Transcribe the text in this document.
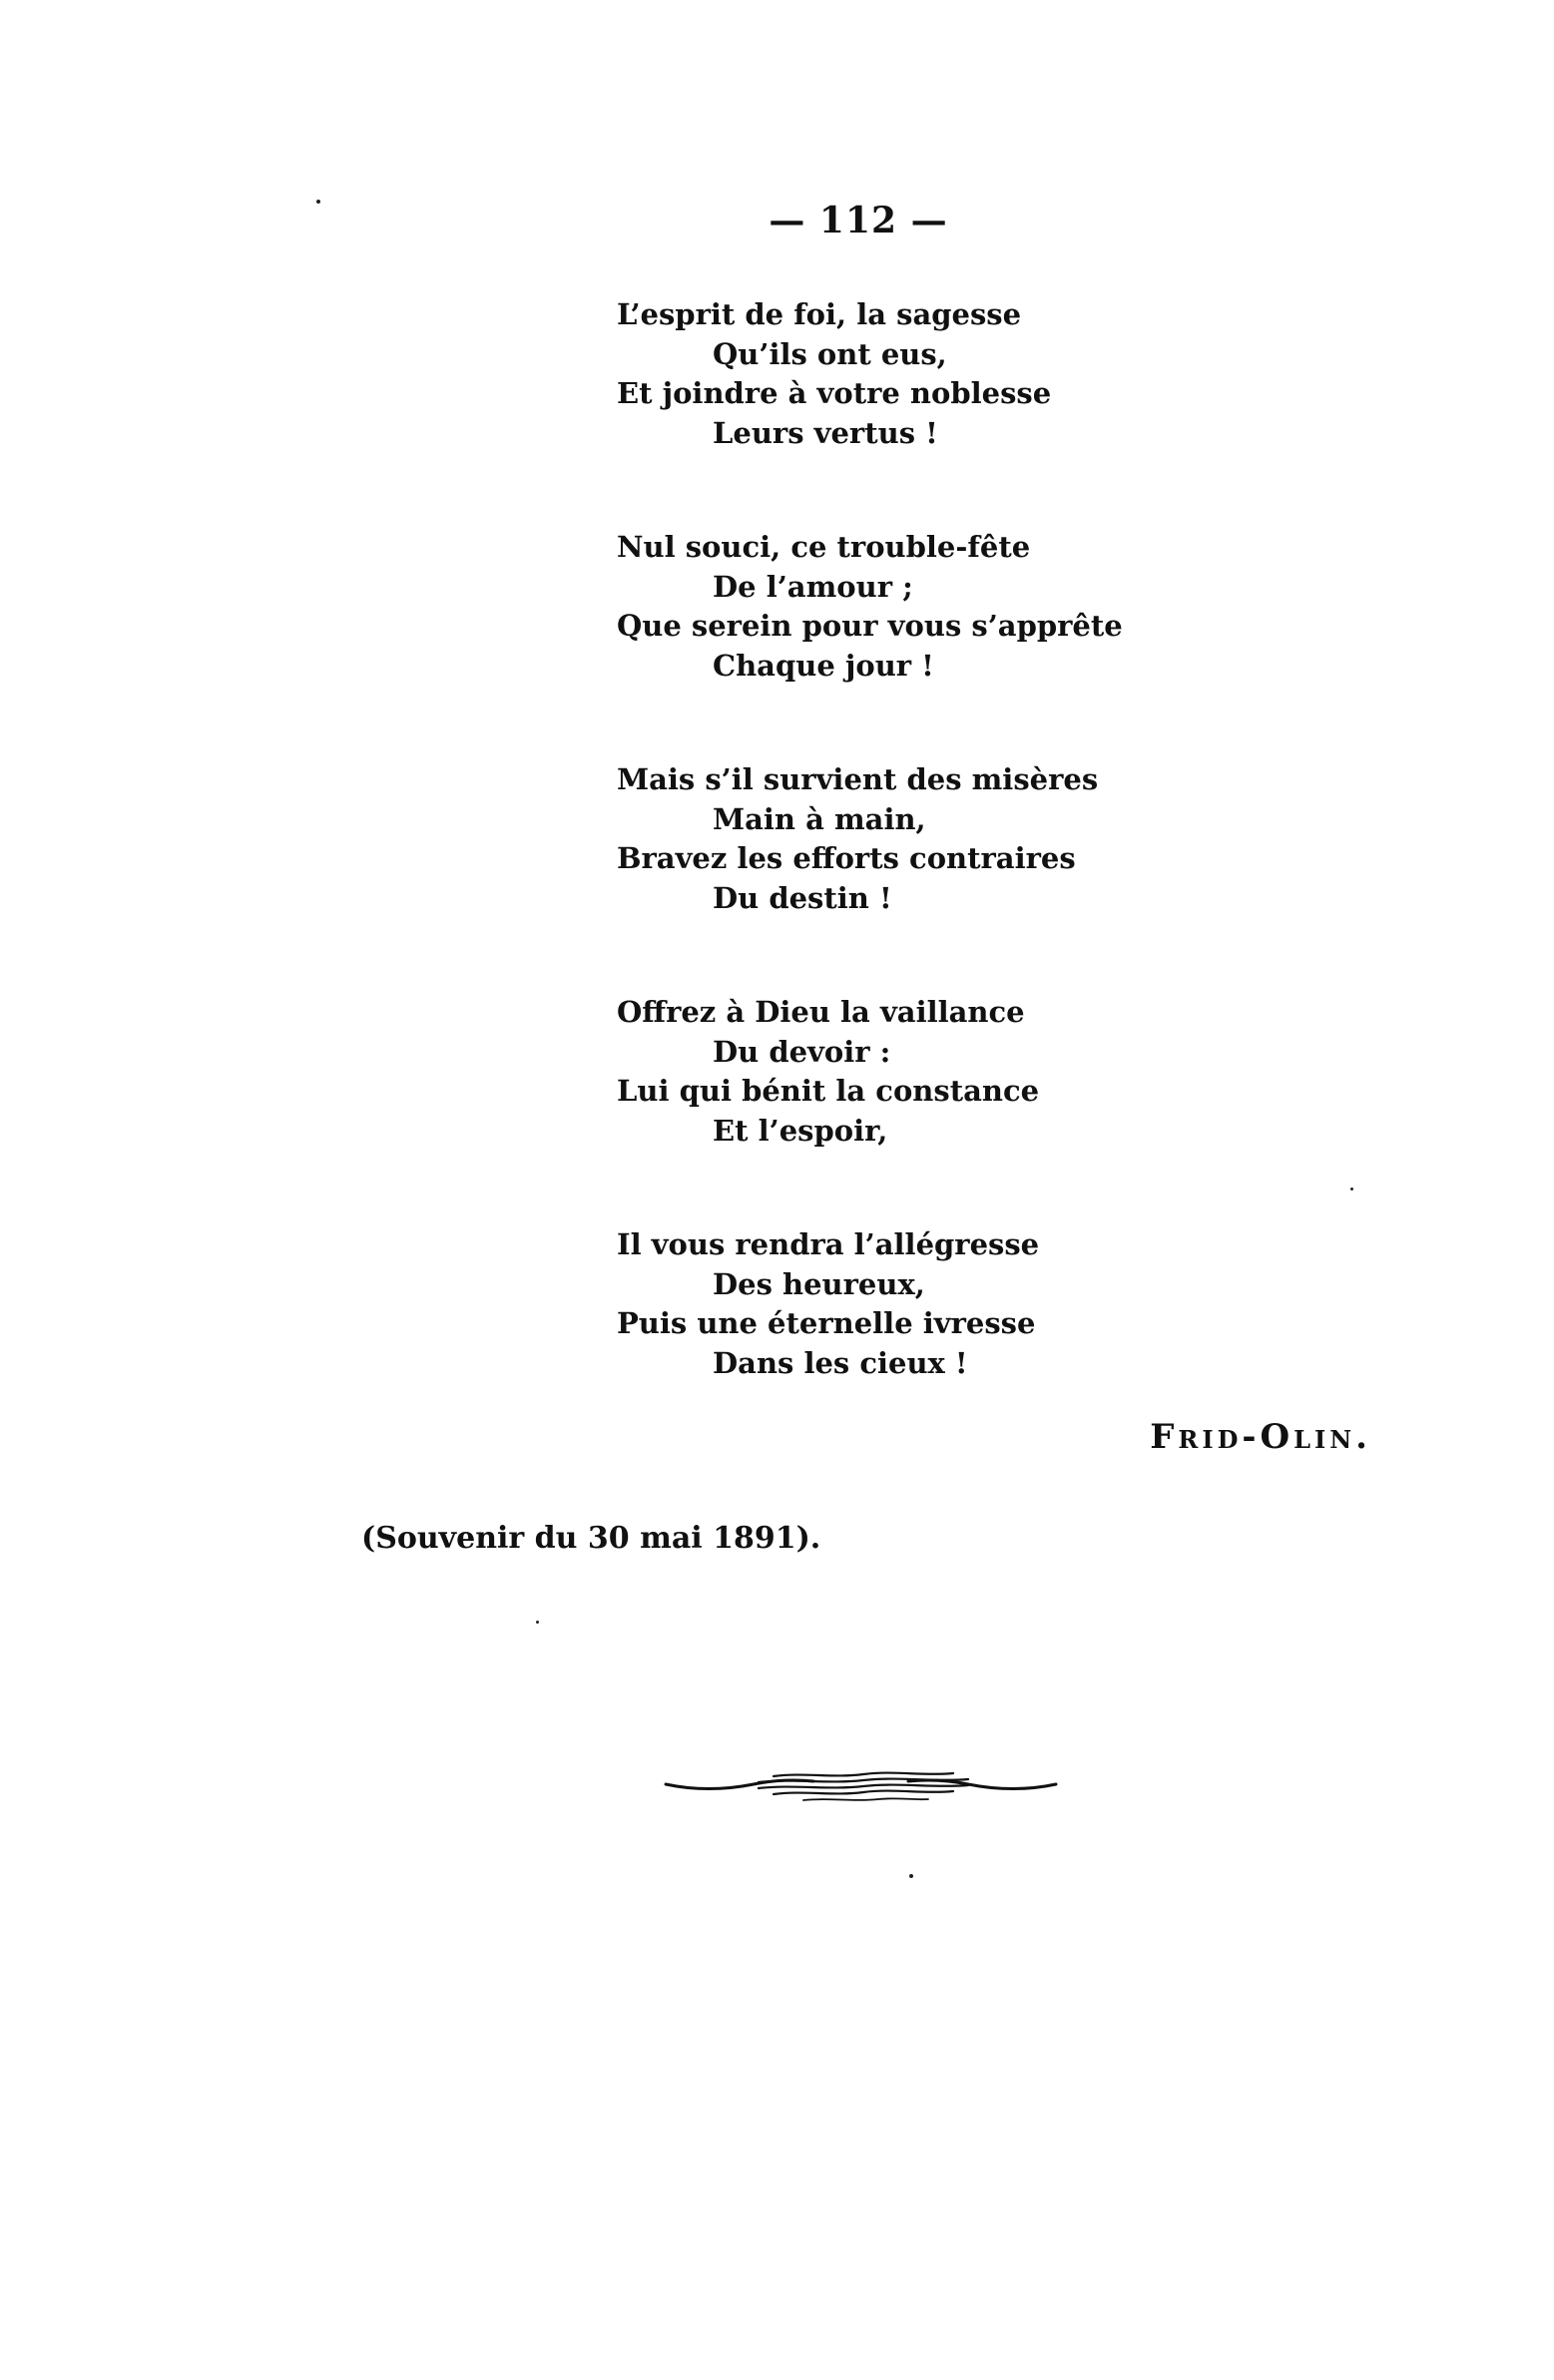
— 112 —
L’esprit de foi, la sagesse
Qu’ils ont eus,
Et joindre à votre noblesse
Leurs vertus !
Nul souci, ce trouble-fête
De l’amour ;
Que serein pour vous s’apprête
Chaque jour !
Mais s’il survient des misères
Main à main,
Bravez les efforts contraires
Du destin !
Offrez à Dieu la vaillance
Du devoir :
Lui qui bénit la constance
Et l’espoir,
Il vous rendra l’allégresse
Des heureux,
Puis une éternelle ivresse
Dans les cieux !
Frid-Olin.
(Souvenir du 30 mai 1891).
